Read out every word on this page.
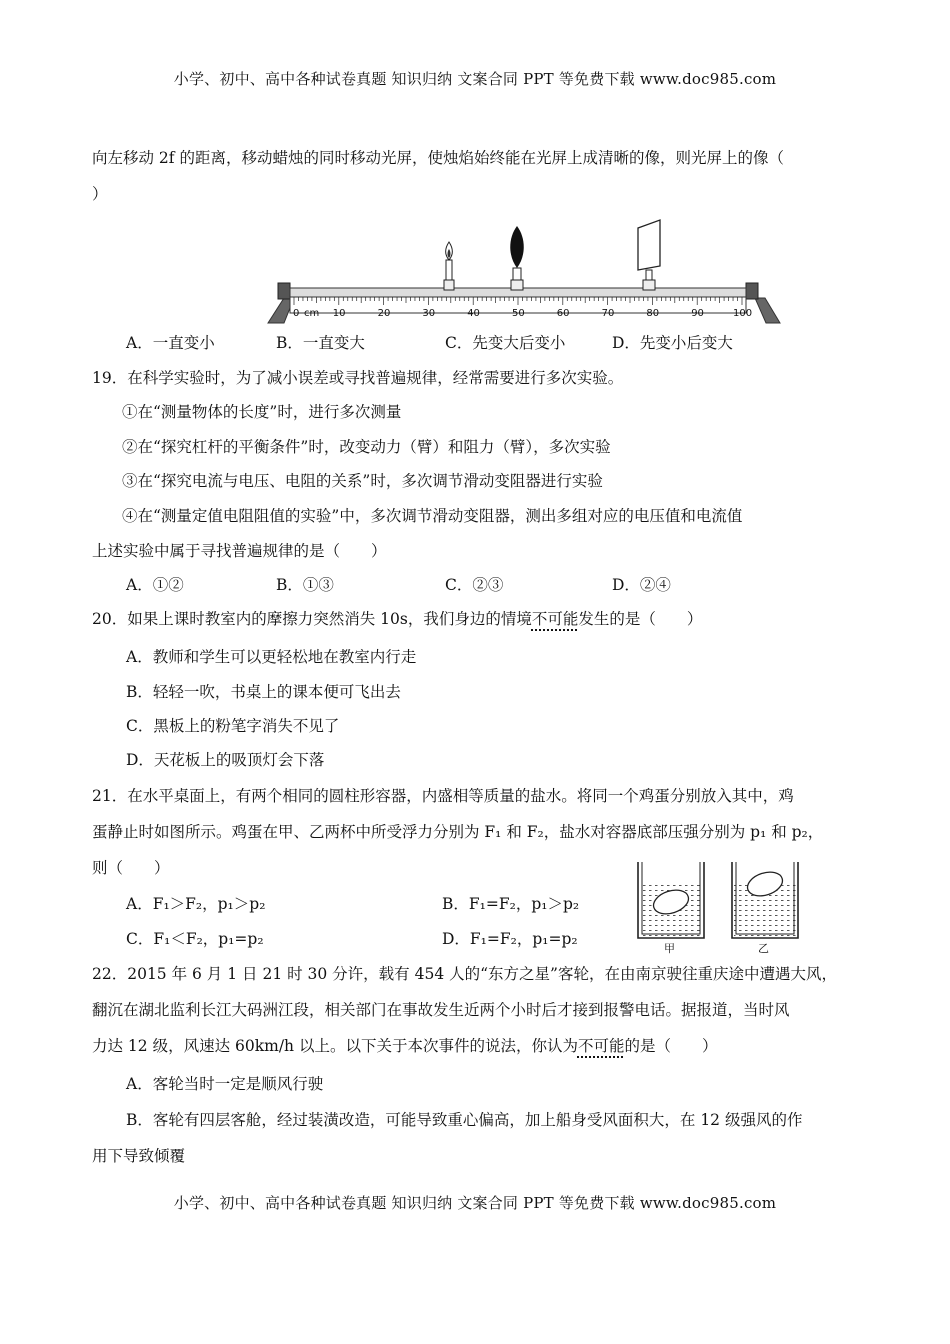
小学、初中、高中各种试卷真题 知识归纳 文案合同 PPT 等免费下载 www.doc985.com
向左移动 2f 的距离，移动蜡烛的同时移动光屏，使烛焰始终能在光屏上成清晰的像，则光屏上的像（
）
cm
0	10	20	30	40	50	60	70	80	90	100
A．一直变小	B．一直变大	C．先变大后变小	D．先变小后变大
19．在科学实验时，为了减小误差或寻找普遍规律，经常需要进行多次实验。
①在“测量物体的长度”时，进行多次测量
②在“探究杠杆的平衡条件”时，改变动力（臂）和阻力（臂），多次实验
③在“探究电流与电压、电阻的关系”时，多次调节滑动变阻器进行实验
④在“测量定值电阻阻值的实验”中，多次调节滑动变阻器，测出多组对应的电压值和电流值
上述实验中属于寻找普遍规律的是（　　）
A．①②	B．①③	C．②③	D．②④
20．如果上课时教室内的摩擦力突然消失 10s，我们身边的情境不可能发生的是（　　）
A．教师和学生可以更轻松地在教室内行走
B．轻轻一吹，书桌上的课本便可飞出去
C．黑板上的粉笔字消失不见了
D．天花板上的吸顶灯会下落
21．在水平桌面上，有两个相同的圆柱形容器，内盛相等质量的盐水。将同一个鸡蛋分别放入其中，鸡
蛋静止时如图所示。鸡蛋在甲、乙两杯中所受浮力分别为 F₁ 和 F₂，盐水对容器底部压强分别为 p₁ 和 p₂，
则（　　）
A．F₁＞F₂，p₁＞p₂	B．F₁=F₂，p₁＞p₂
C．F₁＜F₂，p₁=p₂	D．F₁=F₂，p₁=p₂
甲	乙
22．2015 年 6 月 1 日 21 时 30 分许，载有 454 人的“东方之星”客轮，在由南京驶往重庆途中遭遇大风，
翻沉在湖北监利长江大码洲江段，相关部门在事故发生近两个小时后才接到报警电话。据报道，当时风
力达 12 级，风速达 60km/h 以上。以下关于本次事件的说法，你认为不可能的是（　　）
A．客轮当时一定是顺风行驶
B．客轮有四层客舱，经过装潢改造，可能导致重心偏高，加上船身受风面积大，在 12 级强风的作
用下导致倾覆
小学、初中、高中各种试卷真题 知识归纳 文案合同 PPT 等免费下载 www.doc985.com
